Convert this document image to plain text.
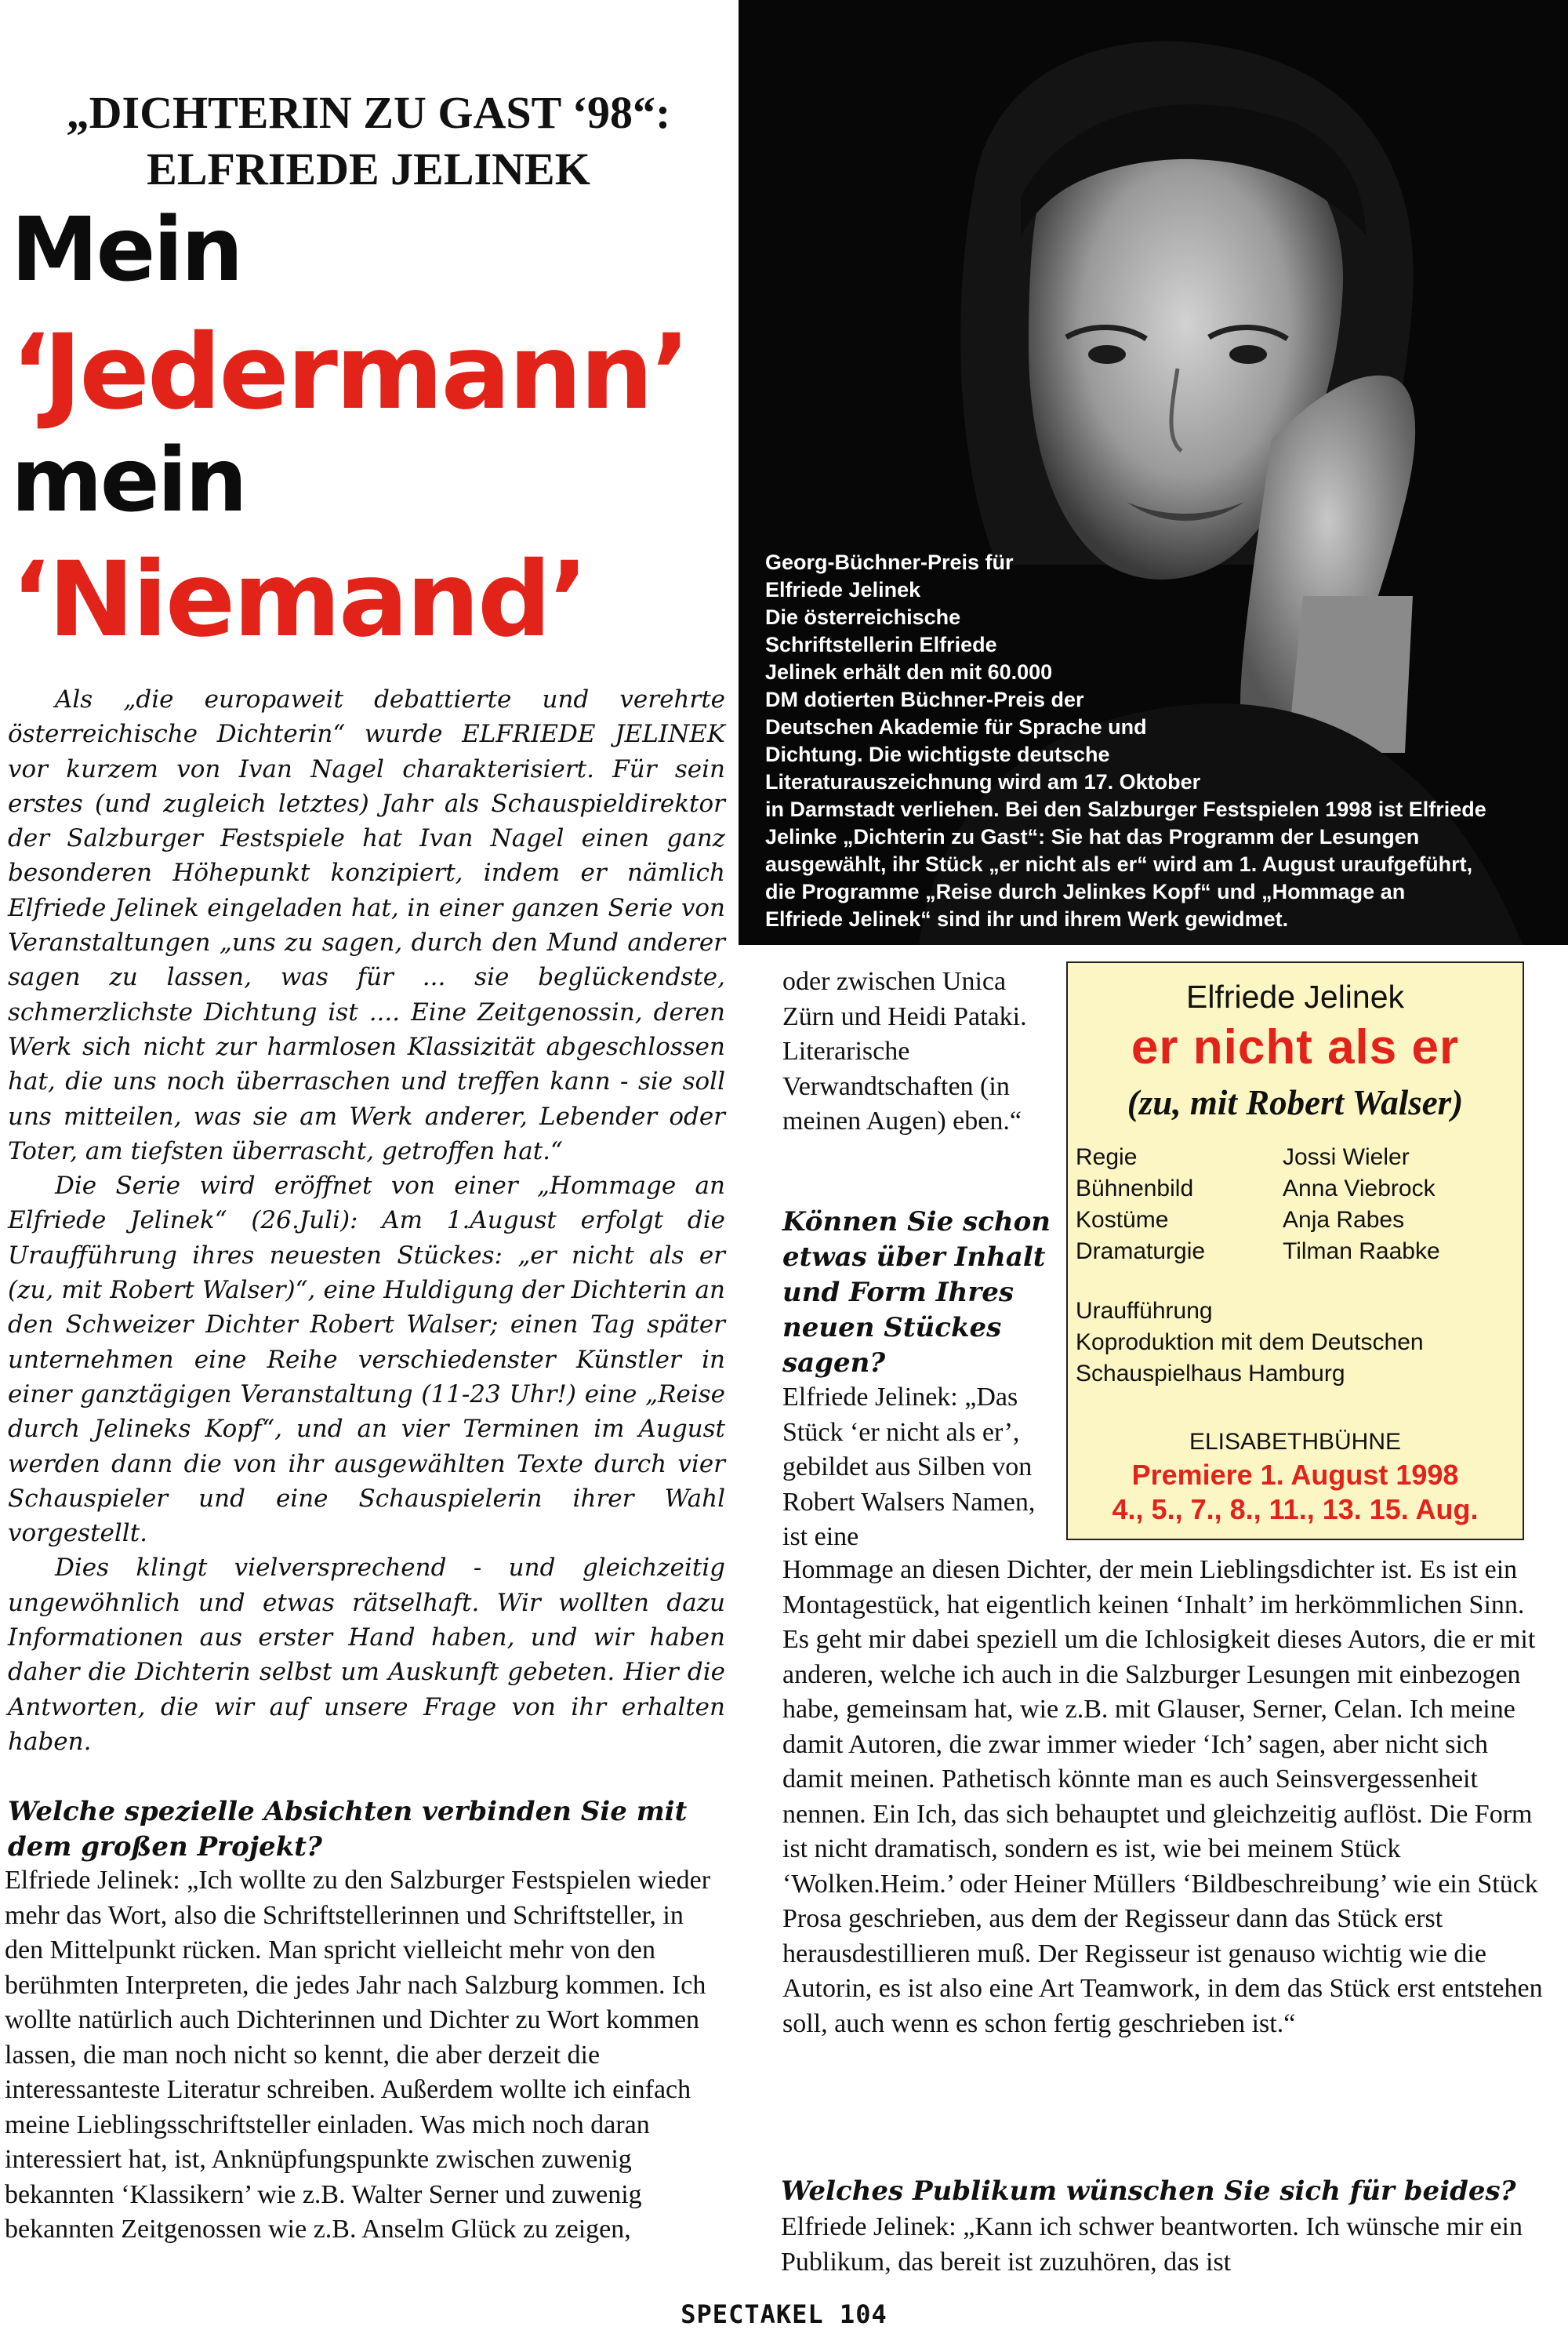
„DICHTERIN ZU GAST ‘98“:
ELFRIEDE JELINEK
Mein
‘Jedermann’
mein
‘Niemand’	Georg-Büchner-Preis für

Elfriede Jelinek

Die österreichische

Schriftstellerin Elfriede

Jelinek erhält den mit 60.000

DM dotierten Büchner-Preis der

Deutschen Akademie für Sprache und

Dichtung. Die wichtigste deutsche

Literaturauszeichnung wird am 17. Oktober

in Darmstadt verliehen. Bei den Salzburger Festspielen 1998 ist Elfriede

Jelinke „Dichterin zu Gast“: Sie hat das Programm der Lesungen

ausgewählt, ihr Stück „er nicht als er“ wird am 1. August uraufgeführt,

die Programme „Reise durch Jelinkes Kopf“ und „Hommage an

Elfriede Jelinek“ sind ihr und ihrem Werk gewidmet.

Als „die europaweit debattierte und verehrte österreichische Dichterin“ wurde ELFRIEDE JELINEK vor kurzem von Ivan Nagel charakterisiert. Für sein erstes (und zugleich letztes) Jahr als Schauspieldirektor der Salzburger Festspiele hat Ivan Nagel einen ganz besonderen Höhepunkt konzipiert, indem er nämlich Elfriede Jelinek eingeladen hat, in einer ganzen Serie von Veranstaltungen „uns zu sagen, durch den Mund anderer sagen zu lassen, was für ... sie beglückendste, schmerzlichste Dichtung ist .... Eine Zeitgenossin, deren Werk sich nicht zur harmlosen Klassizität abgeschlossen hat, die uns noch überraschen und treffen kann - sie soll uns mitteilen, was sie am Werk anderer, Lebender oder Toter, am tiefsten überrascht, getroffen hat.“

Die Serie wird eröffnet von einer „Hommage an Elfriede Jelinek“ (26.Juli): Am 1.August erfolgt die Uraufführung ihres neuesten Stückes: „er nicht als er (zu, mit Robert Walser)“, eine Huldigung der Dichterin an den Schweizer Dichter Robert Walser; einen Tag später unternehmen eine Reihe verschiedenster Künstler in einer ganztägigen Veranstaltung (11-23 Uhr!) eine „Reise durch Jelineks Kopf“, und an vier Terminen im August werden dann die von ihr ausgewählten Texte durch vier Schauspieler und eine Schauspielerin ihrer Wahl vorgestellt.

Dies klingt vielversprechend - und gleichzeitig ungewöhnlich und etwas rätselhaft. Wir wollten dazu Informationen aus erster Hand haben, und wir haben daher die Dichterin selbst um Auskunft gebeten. Hier die Antworten, die wir auf unsere Frage von ihr erhalten haben.

Welche spezielle Absichten verbinden Sie mit dem großen Projekt?

Elfriede Jelinek: „Ich wollte zu den Salzburger Festspielen wieder mehr das Wort, also die Schriftstellerinnen und Schriftsteller, in den Mittelpunkt rücken. Man spricht vielleicht mehr von den berühmten Interpreten, die jedes Jahr nach Salzburg kommen. Ich wollte natürlich auch Dichterinnen und Dichter zu Wort kommen lassen, die man noch nicht so kennt, die aber derzeit die interessanteste Literatur schreiben. Außerdem wollte ich einfach meine Lieblingsschriftsteller einladen. Was mich noch daran interessiert hat, ist, Anknüpfungspunkte zwischen zuwenig bekannten ‘Klassikern’ wie z.B. Walter Serner und zuwenig bekannten Zeitgenossen wie z.B. Anselm Glück zu zeigen,

oder zwischen Unica Zürn und Heidi Pataki. Literarische Verwandtschaften (in meinen Augen) eben.“

Können Sie schon etwas über Inhalt und Form Ihres neuen Stückes sagen?

Elfriede Jelinek: „Das Stück ‘er nicht als er’, gebildet aus Silben von Robert Walsers Namen, ist eine

Elfriede Jelinek
er nicht als er
(zu, mit Robert Walser)
Regie	Jossi Wieler
Bühnenbild	Anna Viebrock
Kostüme	Anja Rabes
Dramaturgie	Tilman Raabke
Uraufführung
Koproduktion mit dem Deutschen
Schauspielhaus Hamburg
ELISABETHBÜHNE
Premiere 1. August 1998
4., 5., 7., 8., 11., 13. 15. Aug.

Hommage an diesen Dichter, der mein Lieblingsdichter ist. Es ist ein Montagestück, hat eigentlich keinen ‘Inhalt’ im herkömmlichen Sinn. Es geht mir dabei speziell um die Ichlosigkeit dieses Autors, die er mit anderen, welche ich auch in die Salzburger Lesungen mit einbezogen habe, gemeinsam hat, wie z.B. mit Glauser, Serner, Celan. Ich meine damit Autoren, die zwar immer wieder ‘Ich’ sagen, aber nicht sich damit meinen. Pathetisch könnte man es auch Seinsvergessenheit nennen. Ein Ich, das sich behauptet und gleichzeitig auflöst. Die Form ist nicht dramatisch, sondern es ist, wie bei meinem Stück ‘Wolken.Heim.’ oder Heiner Müllers ‘Bildbeschreibung’ wie ein Stück Prosa geschrieben, aus dem der Regisseur dann das Stück erst herausdestillieren muß. Der Regisseur ist genauso wichtig wie die Autorin, es ist also eine Art Teamwork, in dem das Stück erst entstehen soll, auch wenn es schon fertig geschrieben ist.“

Welches Publikum wünschen Sie sich für beides?

Elfriede Jelinek: „Kann ich schwer beantworten. Ich wünsche mir ein Publikum, das bereit ist zuzuhören, das ist

SPECTAKEL 104
